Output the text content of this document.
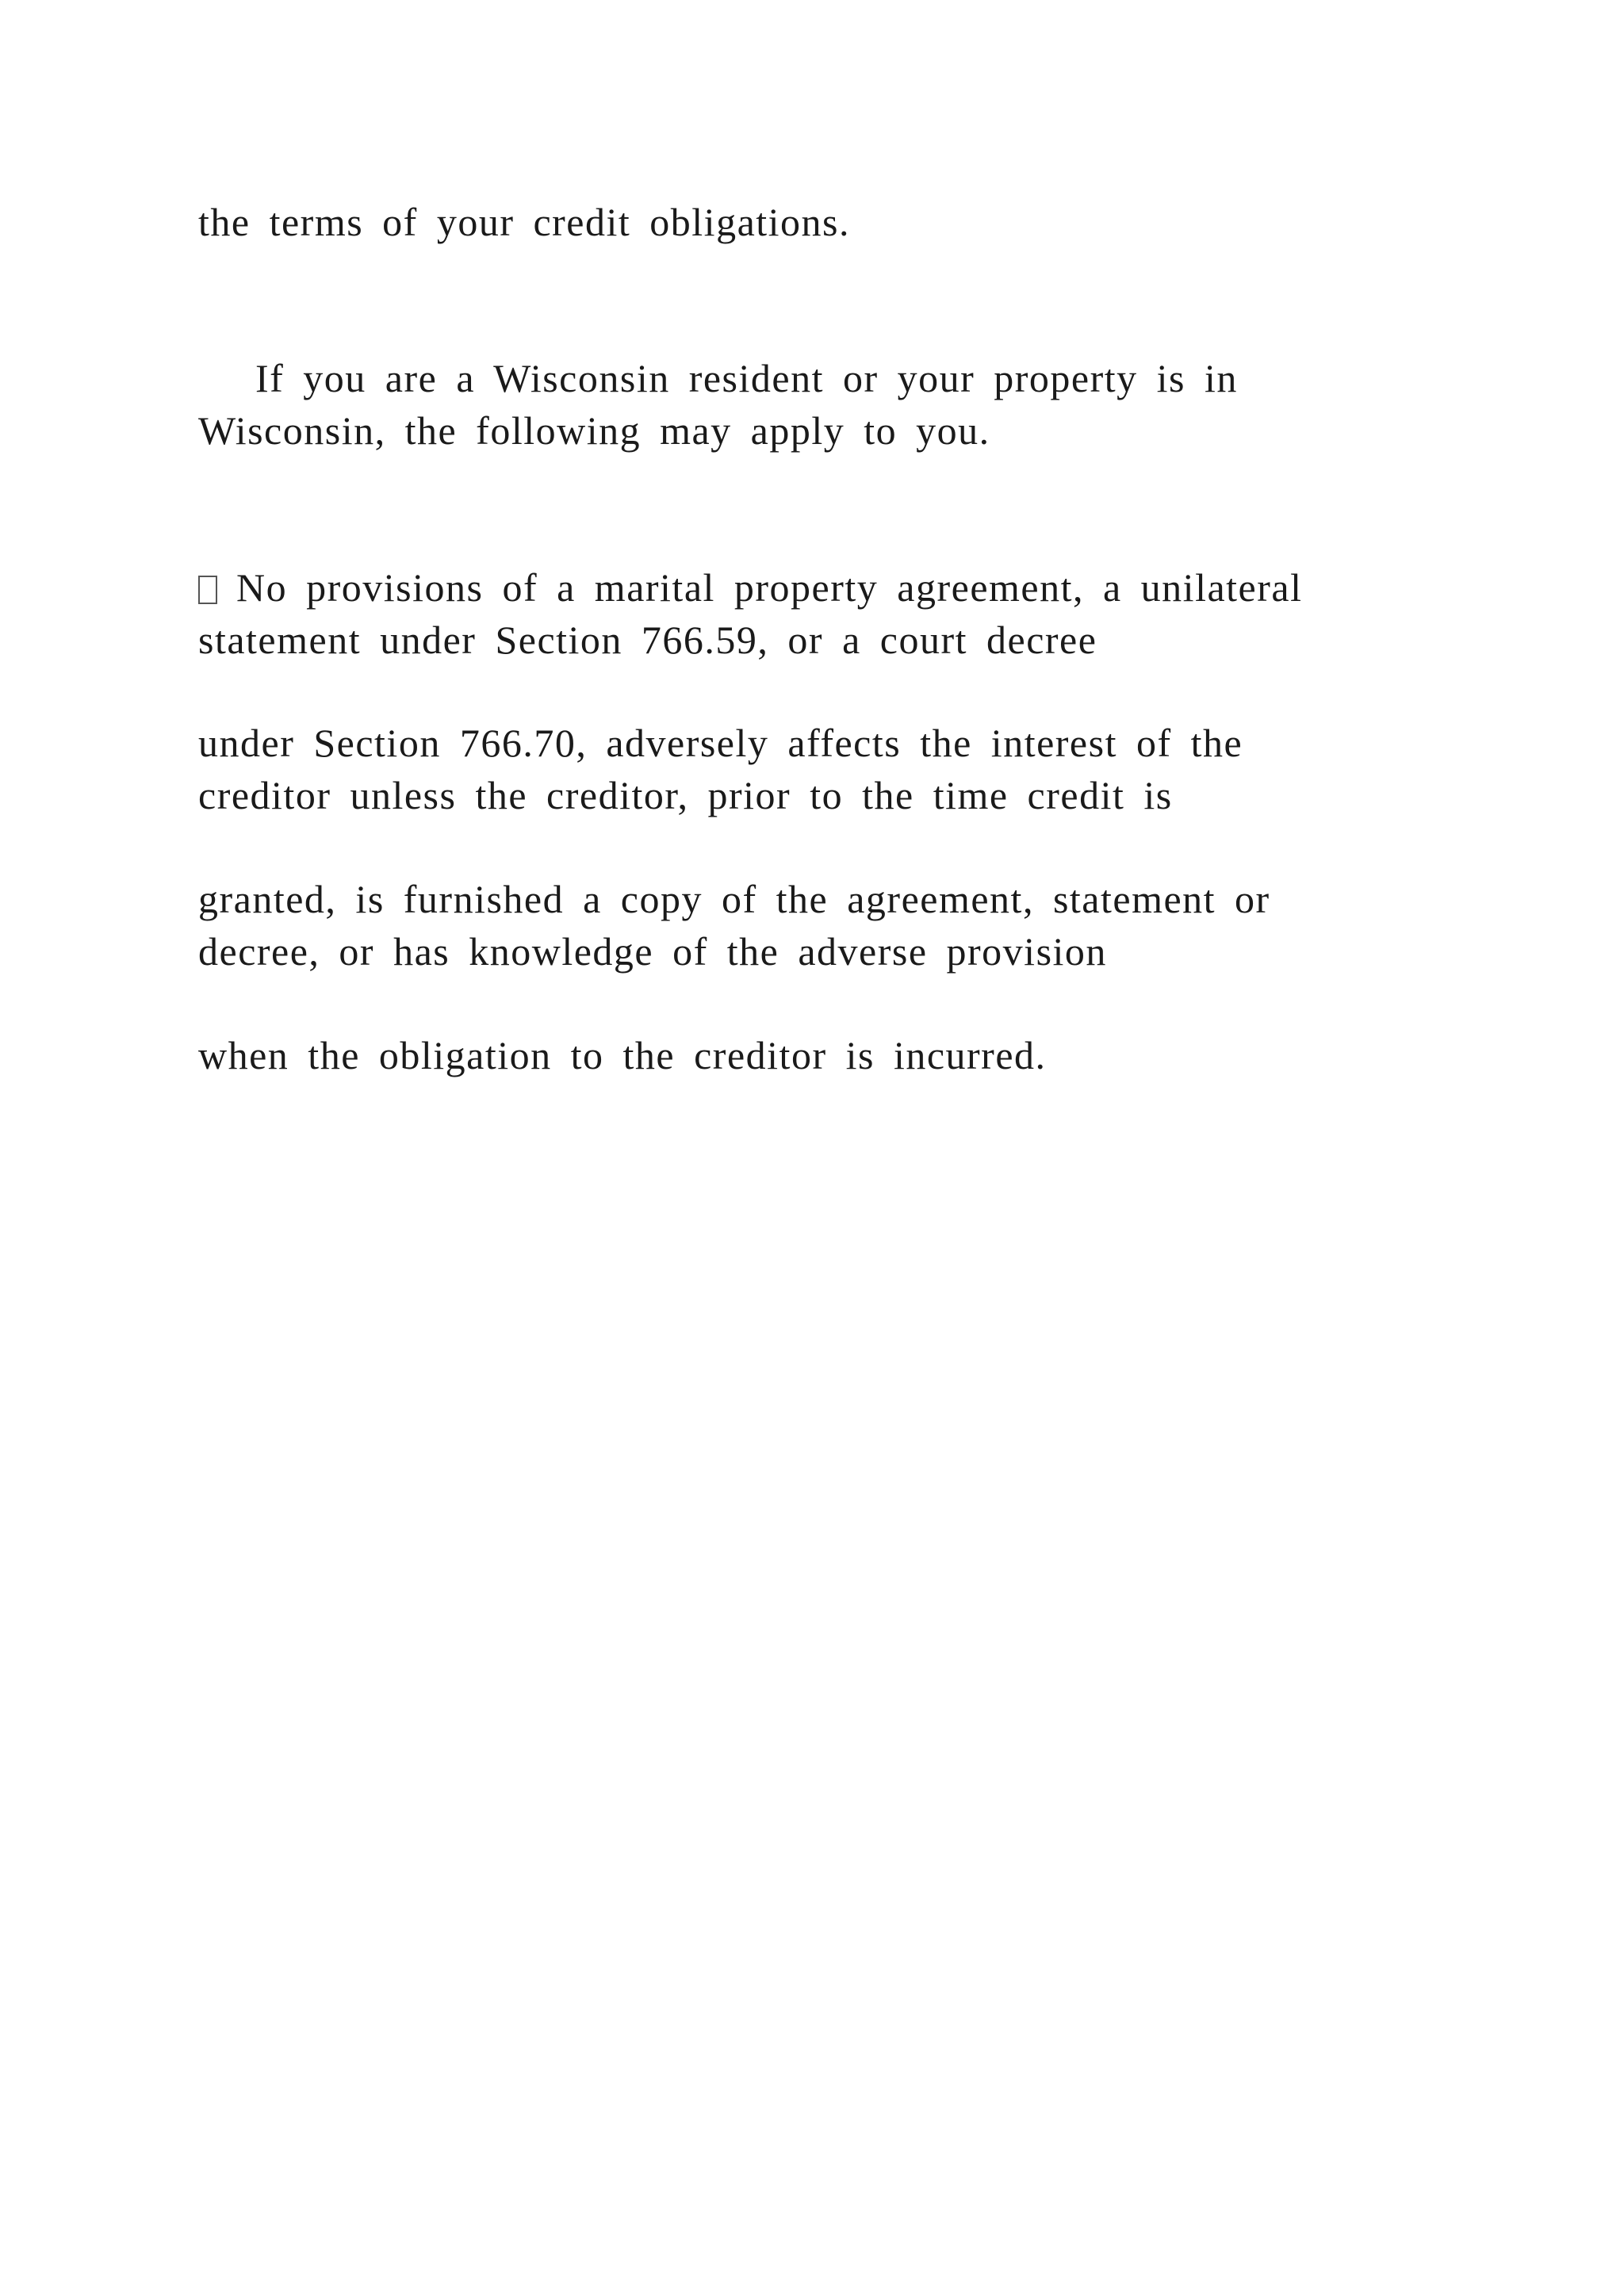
the terms of your credit obligations.
If you are a Wisconsin resident or your property is in
Wisconsin, the following may apply to you.
No provisions of a marital property agreement, a unilateral
statement under Section 766.59, or a court decree
under Section 766.70, adversely affects the interest of the
creditor unless the creditor, prior to the time credit is
granted, is furnished a copy of the agreement, statement or
decree, or has knowledge of the adverse provision
when the obligation to the creditor is incurred.
